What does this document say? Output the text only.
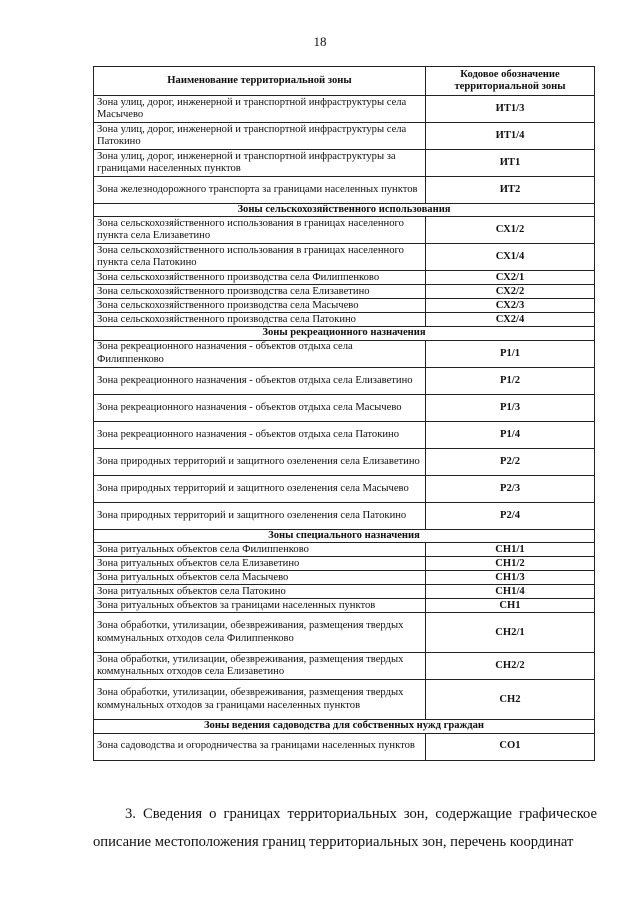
18
Наименование территориальной зоны	Кодовое обозначение территориальной зоны
Зона улиц, дорог, инженерной и транспортной инфраструктуры села Масычево	ИТ1/3
Зона улиц, дорог, инженерной и транспортной инфраструктуры села Патокино	ИТ1/4
Зона улиц, дорог, инженерной и транспортной инфраструктуры за границами населенных пунктов	ИТ1
Зона железнодорожного транспорта за границами населенных пунктов	ИТ2
Зоны сельскохозяйственного использования	
Зона сельскохозяйственного использования в границах населенного пункта села Елизаветино	СХ1/2
Зона сельскохозяйственного использования в границах населенного пункта села Патокино	СХ1/4
Зона сельскохозяйственного производства села Филиппенково	СХ2/1
Зона сельскохозяйственного производства села Елизаветино	СХ2/2
Зона сельскохозяйственного производства села Масычево	СХ2/3
Зона сельскохозяйственного производства села Патокино	СХ2/4
Зоны рекреационного назначения	
Зона рекреационного назначения - объектов отдыха села Филиппенково	Р1/1
Зона рекреационного назначения - объектов отдыха села Елизаветино	Р1/2
Зона рекреационного назначения - объектов отдыха села Масычево	Р1/3
Зона рекреационного назначения - объектов отдыха села Патокино	Р1/4
Зона природных территорий и защитного озеленения села Елизаветино	Р2/2
Зона природных территорий и защитного озеленения села Масычево	Р2/3
Зона природных территорий и защитного озеленения села Патокино	Р2/4
Зоны специального назначения	
Зона ритуальных объектов села Филиппенково	СН1/1
Зона ритуальных объектов села Елизаветино	СН1/2
Зона ритуальных объектов села Масычево	СН1/3
Зона ритуальных объектов села Патокино	СН1/4
Зона ритуальных объектов за границами населенных пунктов	СН1
Зона обработки, утилизации, обезвреживания, размещения твердых коммунальных отходов села Филиппенково	СН2/1
Зона обработки, утилизации, обезвреживания, размещения твердых коммунальных отходов села Елизаветино	СН2/2
Зона обработки, утилизации, обезвреживания, размещения твердых коммунальных отходов за границами населенных пунктов	СН2
Зоны ведения садоводства для собственных нужд граждан	
Зона садоводства и огородничества за границами населенных пунктов	СО1
3. Сведения о границах территориальных зон, содержащие графическое описание местоположения границ территориальных зон, перечень координат
